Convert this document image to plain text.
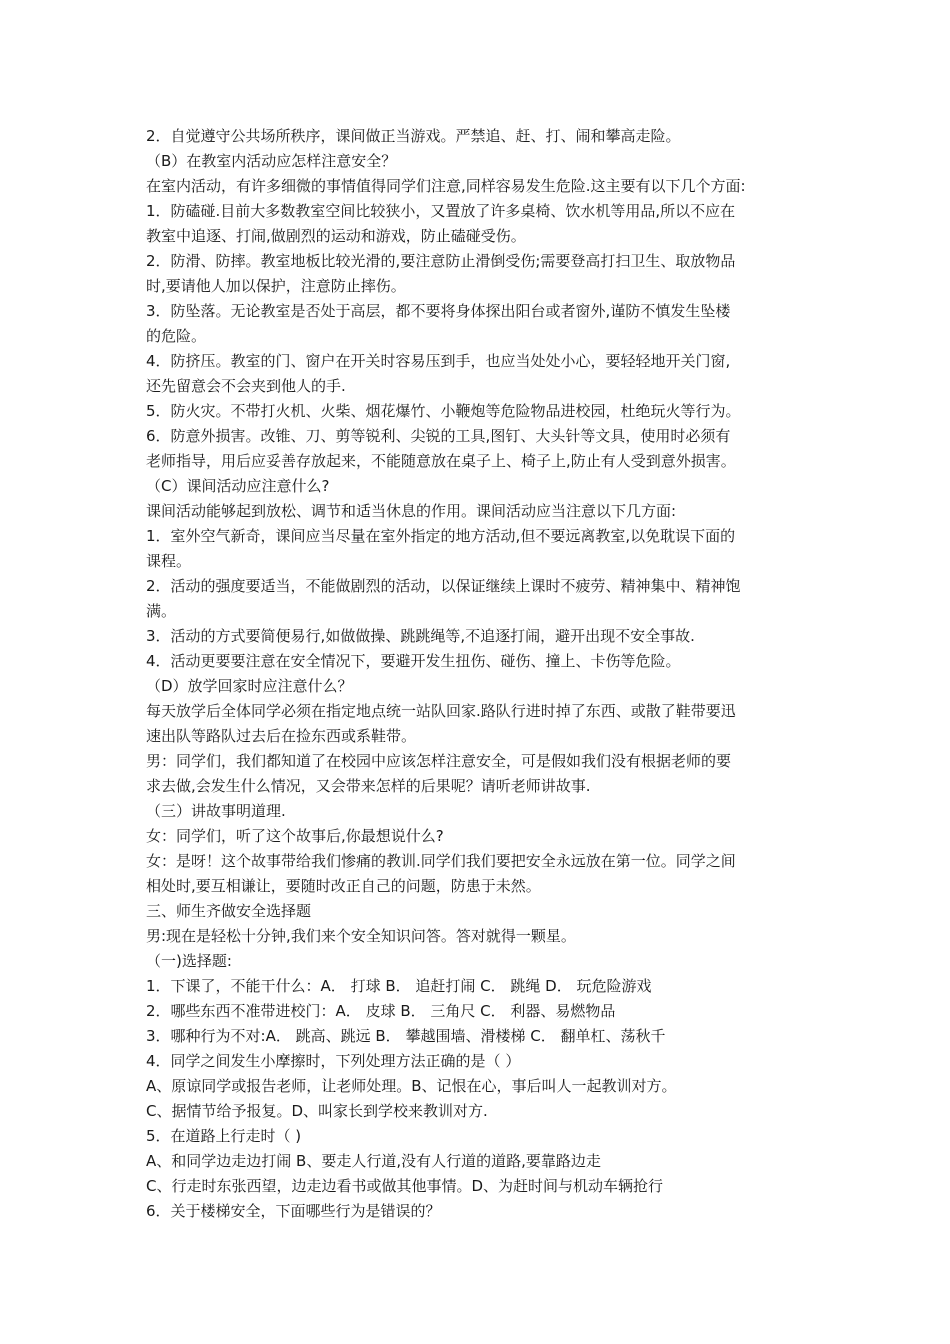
2．自觉遵守公共场所秩序，课间做正当游戏。严禁追、赶、打、闹和攀高走险。
（B）在教室内活动应怎样注意安全？
在室内活动，有许多细微的事情值得同学们注意,同样容易发生危险.这主要有以下几个方面:
1．防磕碰.目前大多数教室空间比较狭小，又置放了许多桌椅、饮水机等用品,所以不应在
教室中追逐、打闹,做剧烈的运动和游戏，防止磕碰受伤。
2．防滑、防摔。教室地板比较光滑的,要注意防止滑倒受伤;需要登高打扫卫生、取放物品
时,要请他人加以保护，注意防止摔伤。
3．防坠落。无论教室是否处于高层，都不要将身体探出阳台或者窗外,谨防不慎发生坠楼
的危险。
4．防挤压。教室的门、窗户在开关时容易压到手，也应当处处小心，要轻轻地开关门窗,
还先留意会不会夹到他人的手.
5．防火灾。不带打火机、火柴、烟花爆竹、小鞭炮等危险物品进校园，杜绝玩火等行为。
6．防意外损害。改锥、刀、剪等锐利、尖锐的工具,图钉、大头针等文具，使用时必须有
老师指导，用后应妥善存放起来，不能随意放在桌子上、椅子上,防止有人受到意外损害。
（C）课间活动应注意什么?
课间活动能够起到放松、调节和适当休息的作用。课间活动应当注意以下几方面:
1．室外空气新奇，课间应当尽量在室外指定的地方活动,但不要远离教室,以免耽误下面的
课程。
2．活动的强度要适当，不能做剧烈的活动，以保证继续上课时不疲劳、精神集中、精神饱
满。
3．活动的方式要简便易行,如做做操、跳跳绳等,不追逐打闹，避开出现不安全事故.
4．活动更要要注意在安全情况下，要避开发生扭伤、碰伤、撞上、卡伤等危险。
（D）放学回家时应注意什么？
每天放学后全体同学必须在指定地点统一站队回家.路队行进时掉了东西、或散了鞋带要迅
速出队等路队过去后在捡东西或系鞋带。
男：同学们，我们都知道了在校园中应该怎样注意安全，可是假如我们没有根据老师的要
求去做,会发生什么情况，又会带来怎样的后果呢？请听老师讲故事.
（三）讲故事明道理.
女：同学们，听了这个故事后,你最想说什么?
女：是呀！这个故事带给我们惨痛的教训.同学们我们要把安全永远放在第一位。同学之间
相处时,要互相谦让，要随时改正自己的问题，防患于未然。
三、师生齐做安全选择题
男:现在是轻松十分钟,我们来个安全知识问答。答对就得一颗星。
（一)选择题:
1．下课了，不能干什么：A． 打球 B． 追赶打闹 C． 跳绳 D． 玩危险游戏
2．哪些东西不准带进校门：A． 皮球 B． 三角尺 C． 利器、易燃物品
3．哪种行为不对:A． 跳高、跳远 B． 攀越围墙、滑楼梯 C． 翻单杠、荡秋千
4．同学之间发生小摩擦时，下列处理方法正确的是（ ）
A、原谅同学或报告老师，让老师处理。B、记恨在心，事后叫人一起教训对方。
C、据情节给予报复。D、叫家长到学校来教训对方.
5．在道路上行走时（ )
A、和同学边走边打闹 B、要走人行道,没有人行道的道路,要靠路边走
C、行走时东张西望，边走边看书或做其他事情。D、为赶时间与机动车辆抢行
6．关于楼梯安全，下面哪些行为是错误的？
